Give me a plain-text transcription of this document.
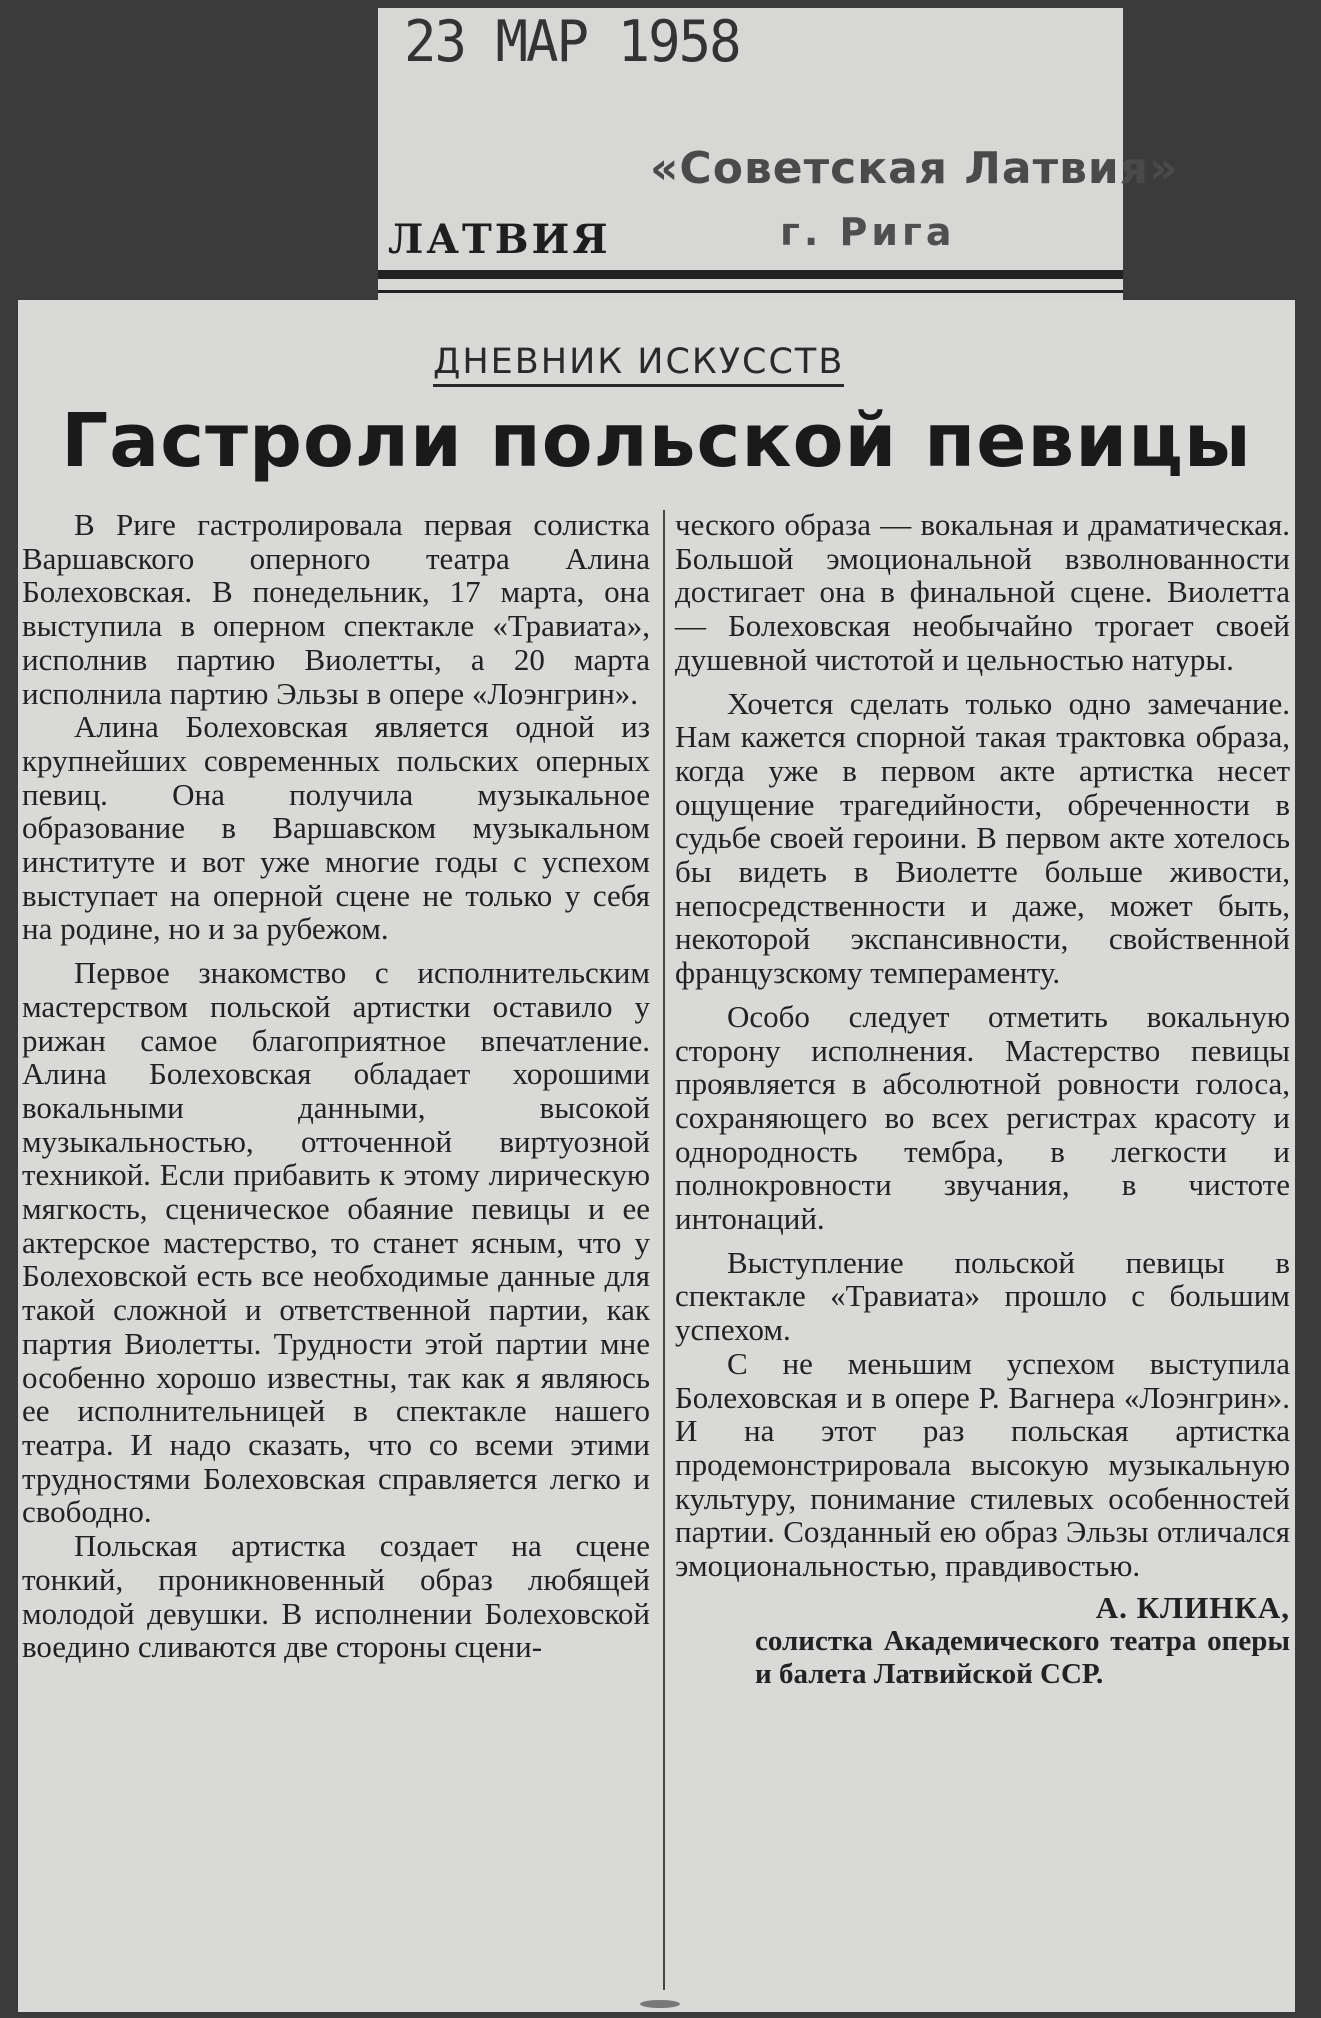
23 МАР 1958
«Советская Латвия»
ЛАТВИЯ	г. Рига
ДНЕВНИК ИСКУССТВ
Гастроли польской певицы

В Риге гастролировала первая солистка Варшавского оперного театра Алина Болеховская. В понедельник, 17 марта, она выступила в оперном спектакле «Травиата», исполнив партию Виолетты, а 20 марта исполнила партию Эльзы в опере «Лоэнгрин».

Алина Болеховская является одной из крупнейших современных польских оперных певиц. Она получила музыкальное образование в Варшавском музыкальном институте и вот уже многие годы с успехом выступает на оперной сцене не только у себя на родине, но и за рубежом.

Первое знакомство с исполнительским мастерством польской артистки оставило у рижан самое благоприятное впечатление. Алина Болеховская обладает хорошими вокальными данными, высокой музыкальностью, отточенной виртуозной техникой. Если прибавить к этому лирическую мягкость, сценическое обаяние певицы и ее актерское мастерство, то станет ясным, что у Болеховской есть все необходимые данные для такой сложной и ответственной партии, как партия Виолетты. Трудности этой партии мне особенно хорошо известны, так как я являюсь ее исполнительницей в спектакле нашего театра. И надо сказать, что со всеми этими трудностями Болеховская справляется легко и свободно.

Польская артистка создает на сцене тонкий, проникновенный образ любящей молодой девушки. В исполнении Болеховской воедино сливаются две стороны сцени-

ческого образа — вокальная и драматическая. Большой эмоциональной взволнованности достигает она в финальной сцене. Виолетта — Болеховская необычайно трогает своей душевной чистотой и цельностью натуры.

Хочется сделать только одно замечание. Нам кажется спорной такая трактовка образа, когда уже в первом акте артистка несет ощущение трагедийности, обреченности в судьбе своей героини. В первом акте хотелось бы видеть в Виолетте больше живости, непосредственности и даже, может быть, некоторой экспансивности, свойственной французскому темпераменту.

Особо следует отметить вокальную сторону исполнения. Мастерство певицы проявляется в абсолютной ровности голоса, сохраняющего во всех регистрах красоту и однородность тембра, в легкости и полнокровности звучания, в чистоте интонаций.

Выступление польской певицы в спектакле «Травиата» прошло с большим успехом.

С не меньшим успехом выступила Болеховская и в опере Р. Вагнера «Лоэнгрин». И на этот раз польская артистка продемонстрировала высокую музыкальную культуру, понимание стилевых особенностей партии. Созданный ею образ Эльзы отличался эмоциональностью, правдивостью.

А. КЛИНКА,
солистка Академического театра оперы и балета Латвийской ССР.
